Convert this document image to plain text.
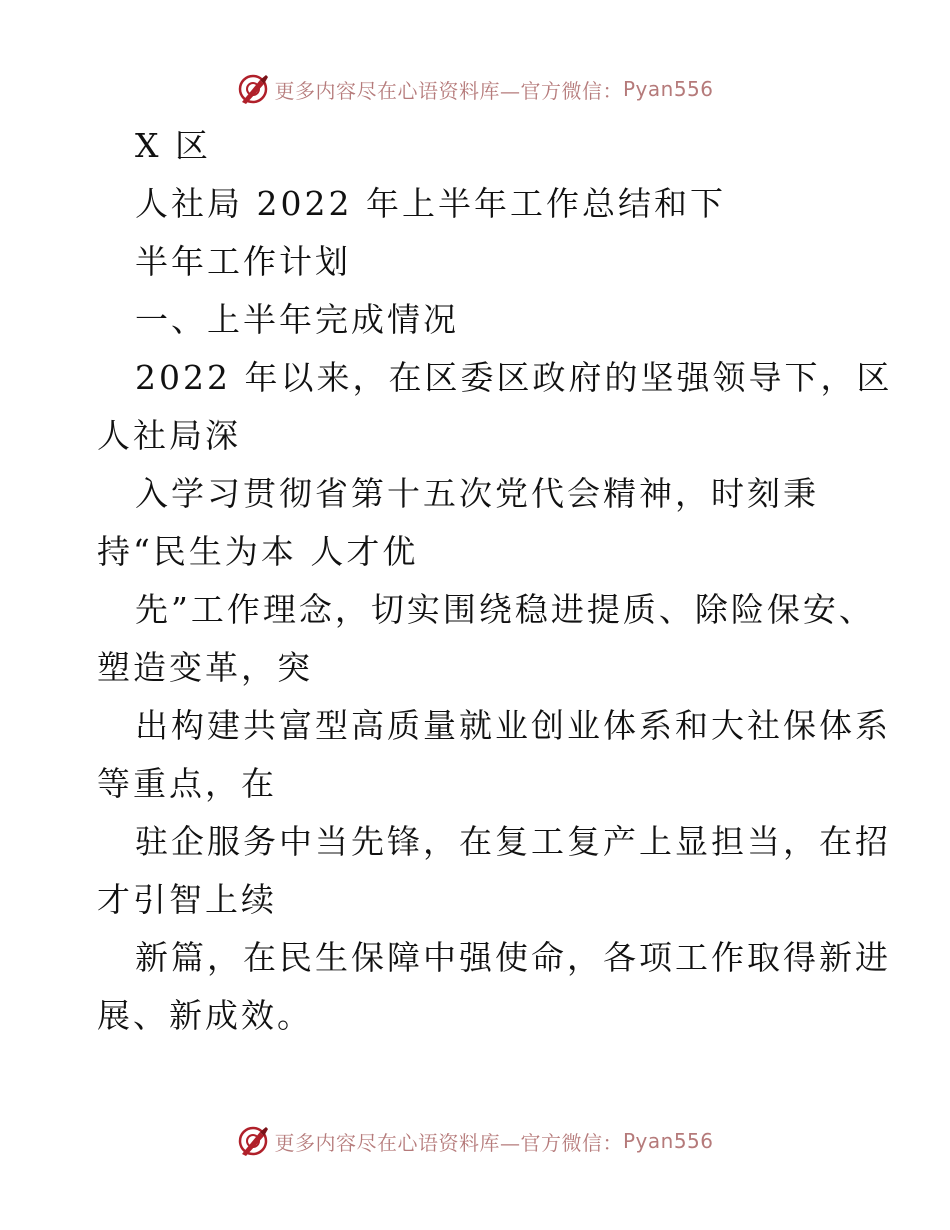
更多内容尽在心语资料库—官方微信： Pyan556
X 区
人社局 2022 年上半年工作总结和下
半年工作计划
一、上半年完成情况
2022 年以来，在区委区政府的坚强领导下，区
人社局深
入学习贯彻省第十五次党代会精神，时刻秉
持“民生为本 人才优
先”工作理念，切实围绕稳进提质、除险保安、
塑造变革，突
出构建共富型高质量就业创业体系和大社保体系
等重点，在
驻企服务中当先锋，在复工复产上显担当，在招
才引智上续
新篇，在民生保障中强使命，各项工作取得新进
展、新成效。
更多内容尽在心语资料库—官方微信： Pyan556
